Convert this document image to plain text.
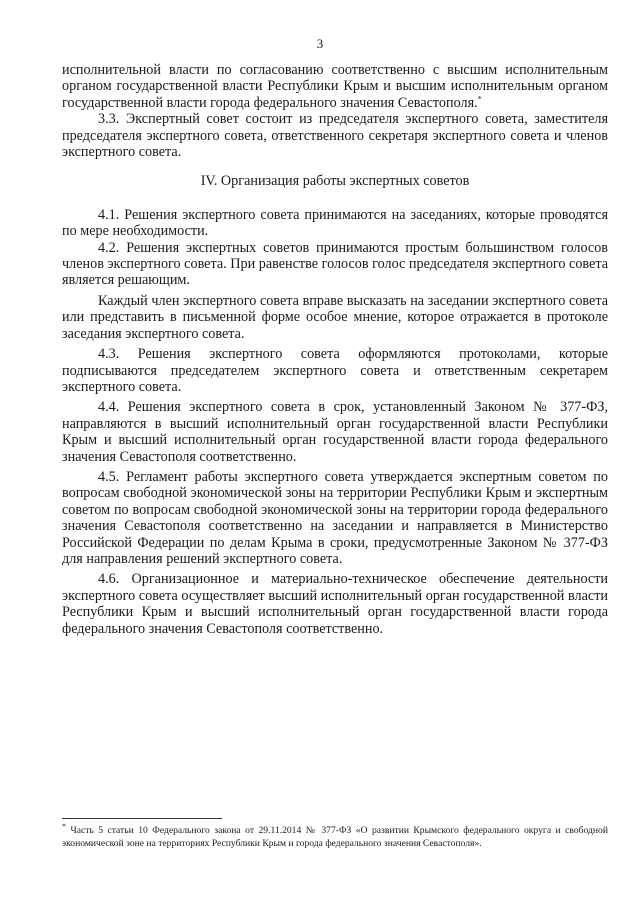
3

исполнительной власти по согласованию соответственно с высшим исполнительным органом государственной власти Республики Крым и высшим исполнительным органом государственной власти города федерального значения Севастополя.*

3.3. Экспертный совет состоит из председателя экспертного совета, заместителя председателя экспертного совета, ответственного секретаря экспертного совета и членов экспертного совета.

IV. Организация работы экспертных советов

4.1. Решения экспертного совета принимаются на заседаниях, которые проводятся по мере необходимости.

4.2. Решения экспертных советов принимаются простым большинством голосов членов экспертного совета. При равенстве голосов голос председателя экспертного совета является решающим.

Каждый член экспертного совета вправе высказать на заседании экспертного совета или представить в письменной форме особое мнение, которое отражается в протоколе заседания экспертного совета.

4.3. Решения экспертного совета оформляются протоколами, которые подписываются председателем экспертного совета и ответственным секретарем экспертного совета.

4.4. Решения экспертного совета в срок, установленный Законом № 377-ФЗ, направляются в высший исполнительный орган государственной власти Республики Крым и высший исполнительный орган государственной власти города федерального значения Севастополя соответственно.

4.5. Регламент работы экспертного совета утверждается экспертным советом по вопросам свободной экономической зоны на территории Республики Крым и экспертным советом по вопросам свободной экономической зоны на территории города федерального значения Севастополя соответственно на заседании и направляется в Министерство Российской Федерации по делам Крыма в сроки, предусмотренные Законом № 377-ФЗ для направления решений экспертного совета.

4.6. Организационное и материально-техническое обеспечение деятельности экспертного совета осуществляет высший исполнительный орган государственной власти Республики Крым и высший исполнительный орган государственной власти города федерального значения Севастополя соответственно.

* Часть 5 статьи 10 Федерального закона от 29.11.2014 № 377-ФЗ «О развитии Крымского федерального округа и свободной экономической зоне на территориях Республики Крым и города федерального значения Севастополя».
